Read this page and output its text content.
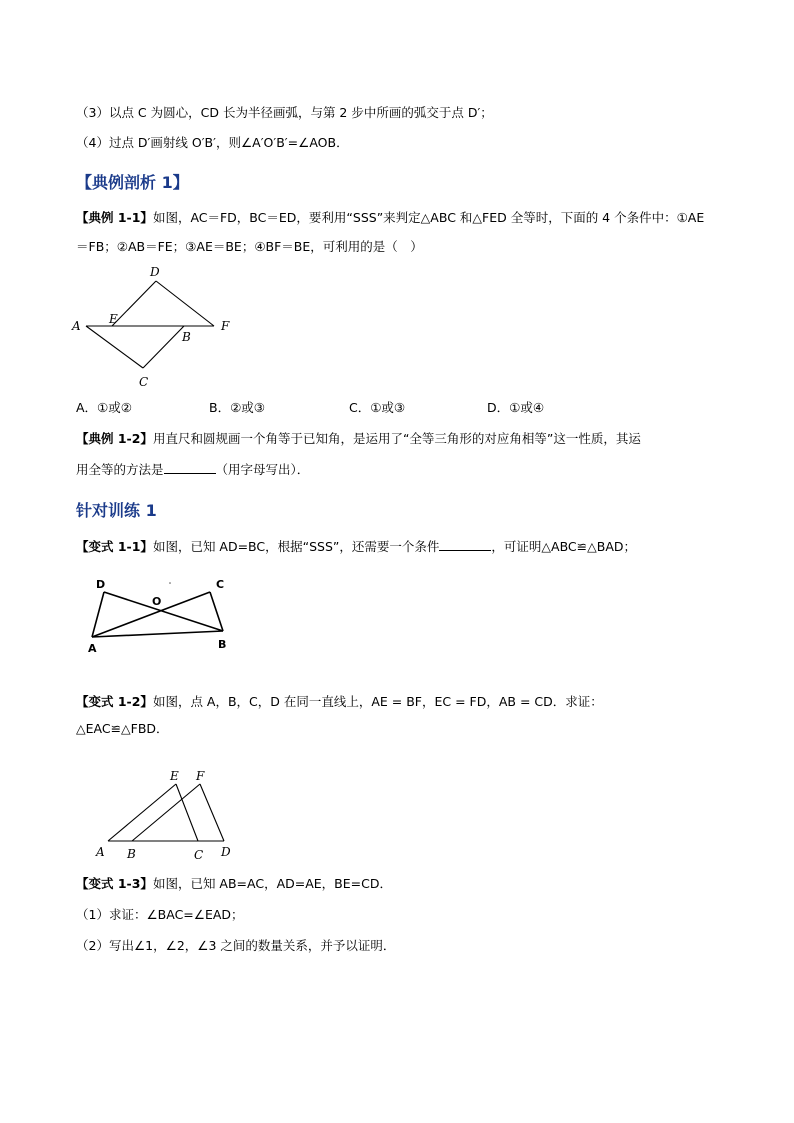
（3）以点 C 为圆心，CD 长为半径画弧，与第 2 步中所画的弧交于点 D′；
（4）过点 D′画射线 O′B′，则∠A′O′B′=∠AOB．
【典例剖析 1】
【典例 1-1】如图，AC＝FD，BC＝ED，要利用“SSS”来判定△ABC 和△FED 全等时，下面的 4 个条件中：①AE
＝FB；②AB＝FE；③AE＝BE；④BF＝BE，可利用的是（　）
A E
D
F
B
C
A．①或②	B．②或③	C．①或③	D．①或④
【典例 1-2】用直尺和圆规画一个角等于已知角，是运用了“全等三角形的对应角相等”这一性质，其运
用全等的方法是	（用字母写出）．
针对训练 1
【变式 1-1】如图，已知 AD=BC，根据“SSS”，还需要一个条件	，可证明△ABC≌△BAD；
D
O
C
A	B
【变式 1-2】如图，点 A，B，C，D 在同一直线上，AE = BF，EC = FD，AB = CD．求证：
△EAC≌△FBD．
E F
A B	C D
【变式 1-3】如图，已知 AB=AC，AD=AE，BE=CD．
（1）求证：∠BAC=∠EAD；
（2）写出∠1，∠2，∠3 之间的数量关系，并予以证明．
